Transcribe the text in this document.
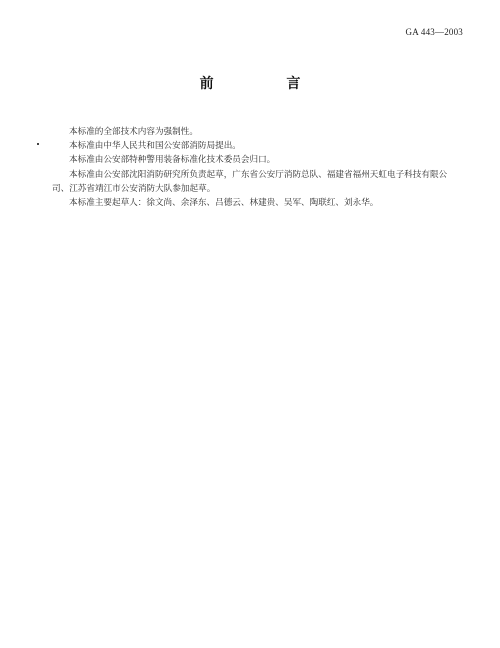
GA 443—2003
前 言

本标准的全部技术内容为强制性。

本标准由中华人民共和国公安部消防局提出。

本标准由公安部特种警用装备标准化技术委员会归口。

本标准由公安部沈阳消防研究所负责起草，广东省公安厅消防总队、福建省福州天虹电子科技有限公司、江苏省靖江市公安消防大队参加起草。

本标准主要起草人：徐文尚、余泽东、吕德云、林建贵、吴军、陶联红、刘永华。
